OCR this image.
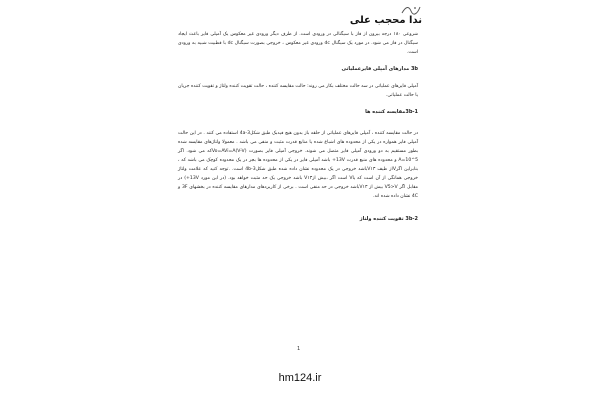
ندا محجب علی

شروعی ۱۸۰ درجه بیرون از فاز با سیگنالی در ورودی است. از طرف دیگر ورودی غیر معکوس یک آمپلی فایر باعث ایجاد سیگنال در فاز می شود. در مورد یک سیگنال dc ورودی غیر معکوس ، خروجی بصورت سیگنال dc با قطبیت شبیه به ورودی است.

3b مدارهای آمپلی فایرعملیاتی

آمپلی فایرهای عملیاتی در سه حالت مختلف بکار می روند: حالت مقایسه کننده ، حالت تقویت کننده ولتاژ و تقویت کننده جریان یا حالت عملیاتی.

3b-1مقایسه کننده ها

در حالت مقایسه کننده ، آمپلی فایرهای عملیاتی از حلقه باز بدون هیچ فیدبک طبق شکل4a-3 استفاده می کنند . در این حالت آمپلی فایر همواره در یکی از محدوده های اشباع شده یا منابع قدرت مثبت و منفی می باشد . معمولا ولتاژهای مقایسه شده بطور مستقیم به دو ورودی آمپلی فایر متصل می شوند. خروجی آمپلی فایر بصورت Vo=AVi=A(V-V)که می شود. اگر A=10^5 و محدوده های منبع قدرت 13V+ باشد آمپلی فایر در یکی از محدوده ها بجز در یک محدوده کوچک می باشد که ، بنابراین اگرVاز طیف V۱۳باشد خروجی در یک محدوده نشان داده شده طبق شکل4b-3 است. .توجه کنید که علامت ولتاژ خروجی همانگی از آن است که یاV است اگر ،بیش ازV۱۳ باشد خروجی یک حد مثبت خواهد بود. (در این مورد 13V+) در مقابل اگر V5>V بیش از V۱۳باشد خروجی در حد منفی است . برخی از کاربردهای مدارهای مقایسه کننده در بخشهای 3F و 4C نشان داده شده اند.

3b-2 تقویت کننده ولتاژ

1
hm124.ir
